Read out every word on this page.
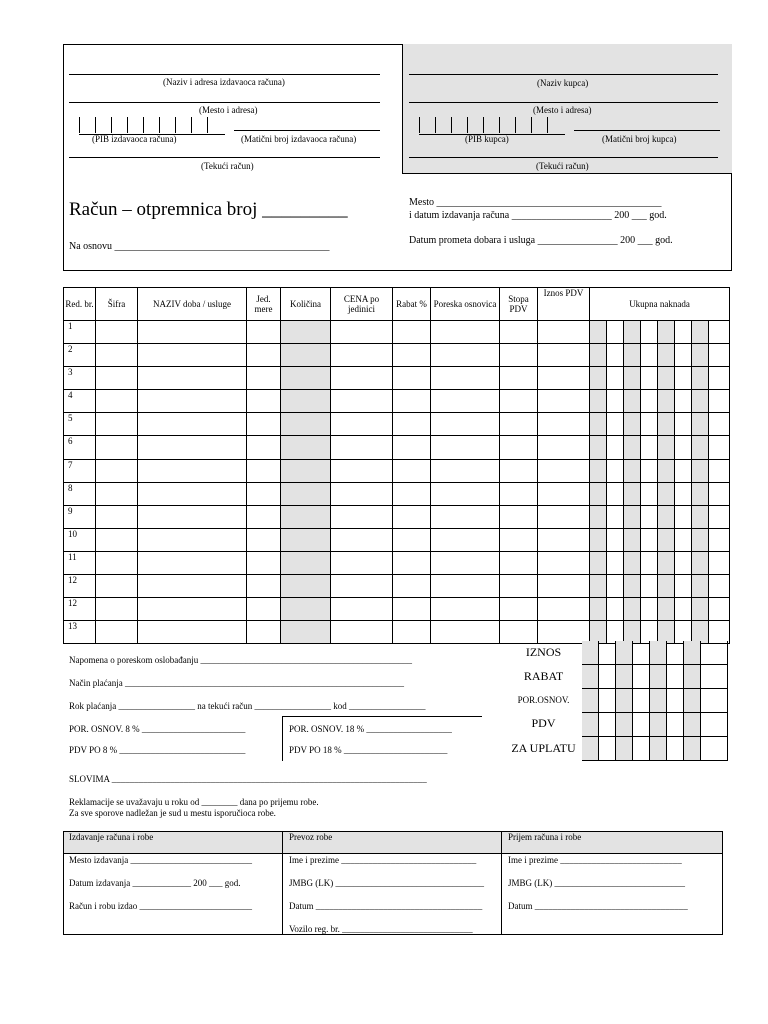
(Naziv i adresa izdavaoca računa)
(Mesto i adresa)
(PIB izdavaoca računa)	(Matični broj izdavaoca računa)
(Tekući račun)
(Naziv kupca)
(Mesto i adresa)
(PIB kupca)	(Matični broj kupca)
(Tekući račun)
Račun – otpremnica broj _________
Na osnovu ___________________________________________
Mesto _____________________________________________
i datum izdavanja računa ____________________ 200 ___ god.
Datum prometa dobara i usluga ________________ 200 ___ god.
Red. br.	Šifra	NAZIV doba / usluge	Jed. mere	Količina	CENA po jedinici	Rabat %	Poreska osnovica	Stopa PDV	Iznos PDV	Ukupna naknada							
1																	
2																	
3																	
4																	
5																	
6																	
7																	
8																	
9																	
10																	
11																	
12																	
12																	
13																	
IZNOS
RABAT
POR.OSNOV.
PDV
ZA UPLATU
Napomena o poreskom oslobađanju _______________________________________________
Način plaćanja ______________________________________________________________
Rok plaćanja _________________ na tekući račun _________________ kod _________________
POR. OSNOV. 8 % _______________________
PDV PO 8 % ____________________________
POR. OSNOV. 18 % ___________________
PDV PO 18 % _______________________
SLOVIMA ______________________________________________________________________
Reklamacije se uvažavaju u roku od ________ dana po prijemu robe.
Za sve sporove nadležan je sud u mestu isporučioca robe.
Izdavanje računa i robe
Mesto izdavanja ___________________________
Datum izdavanja _____________ 200 ___ god.
Račun i robu izdao _________________________
Prevoz robe
Ime i prezime ______________________________
JMBG (LK) _________________________________
Datum _____________________________________
Vozilo reg. br. _____________________________
Prijem računa i robe
Ime i prezime ___________________________
JMBG (LK) _____________________________
Datum __________________________________
